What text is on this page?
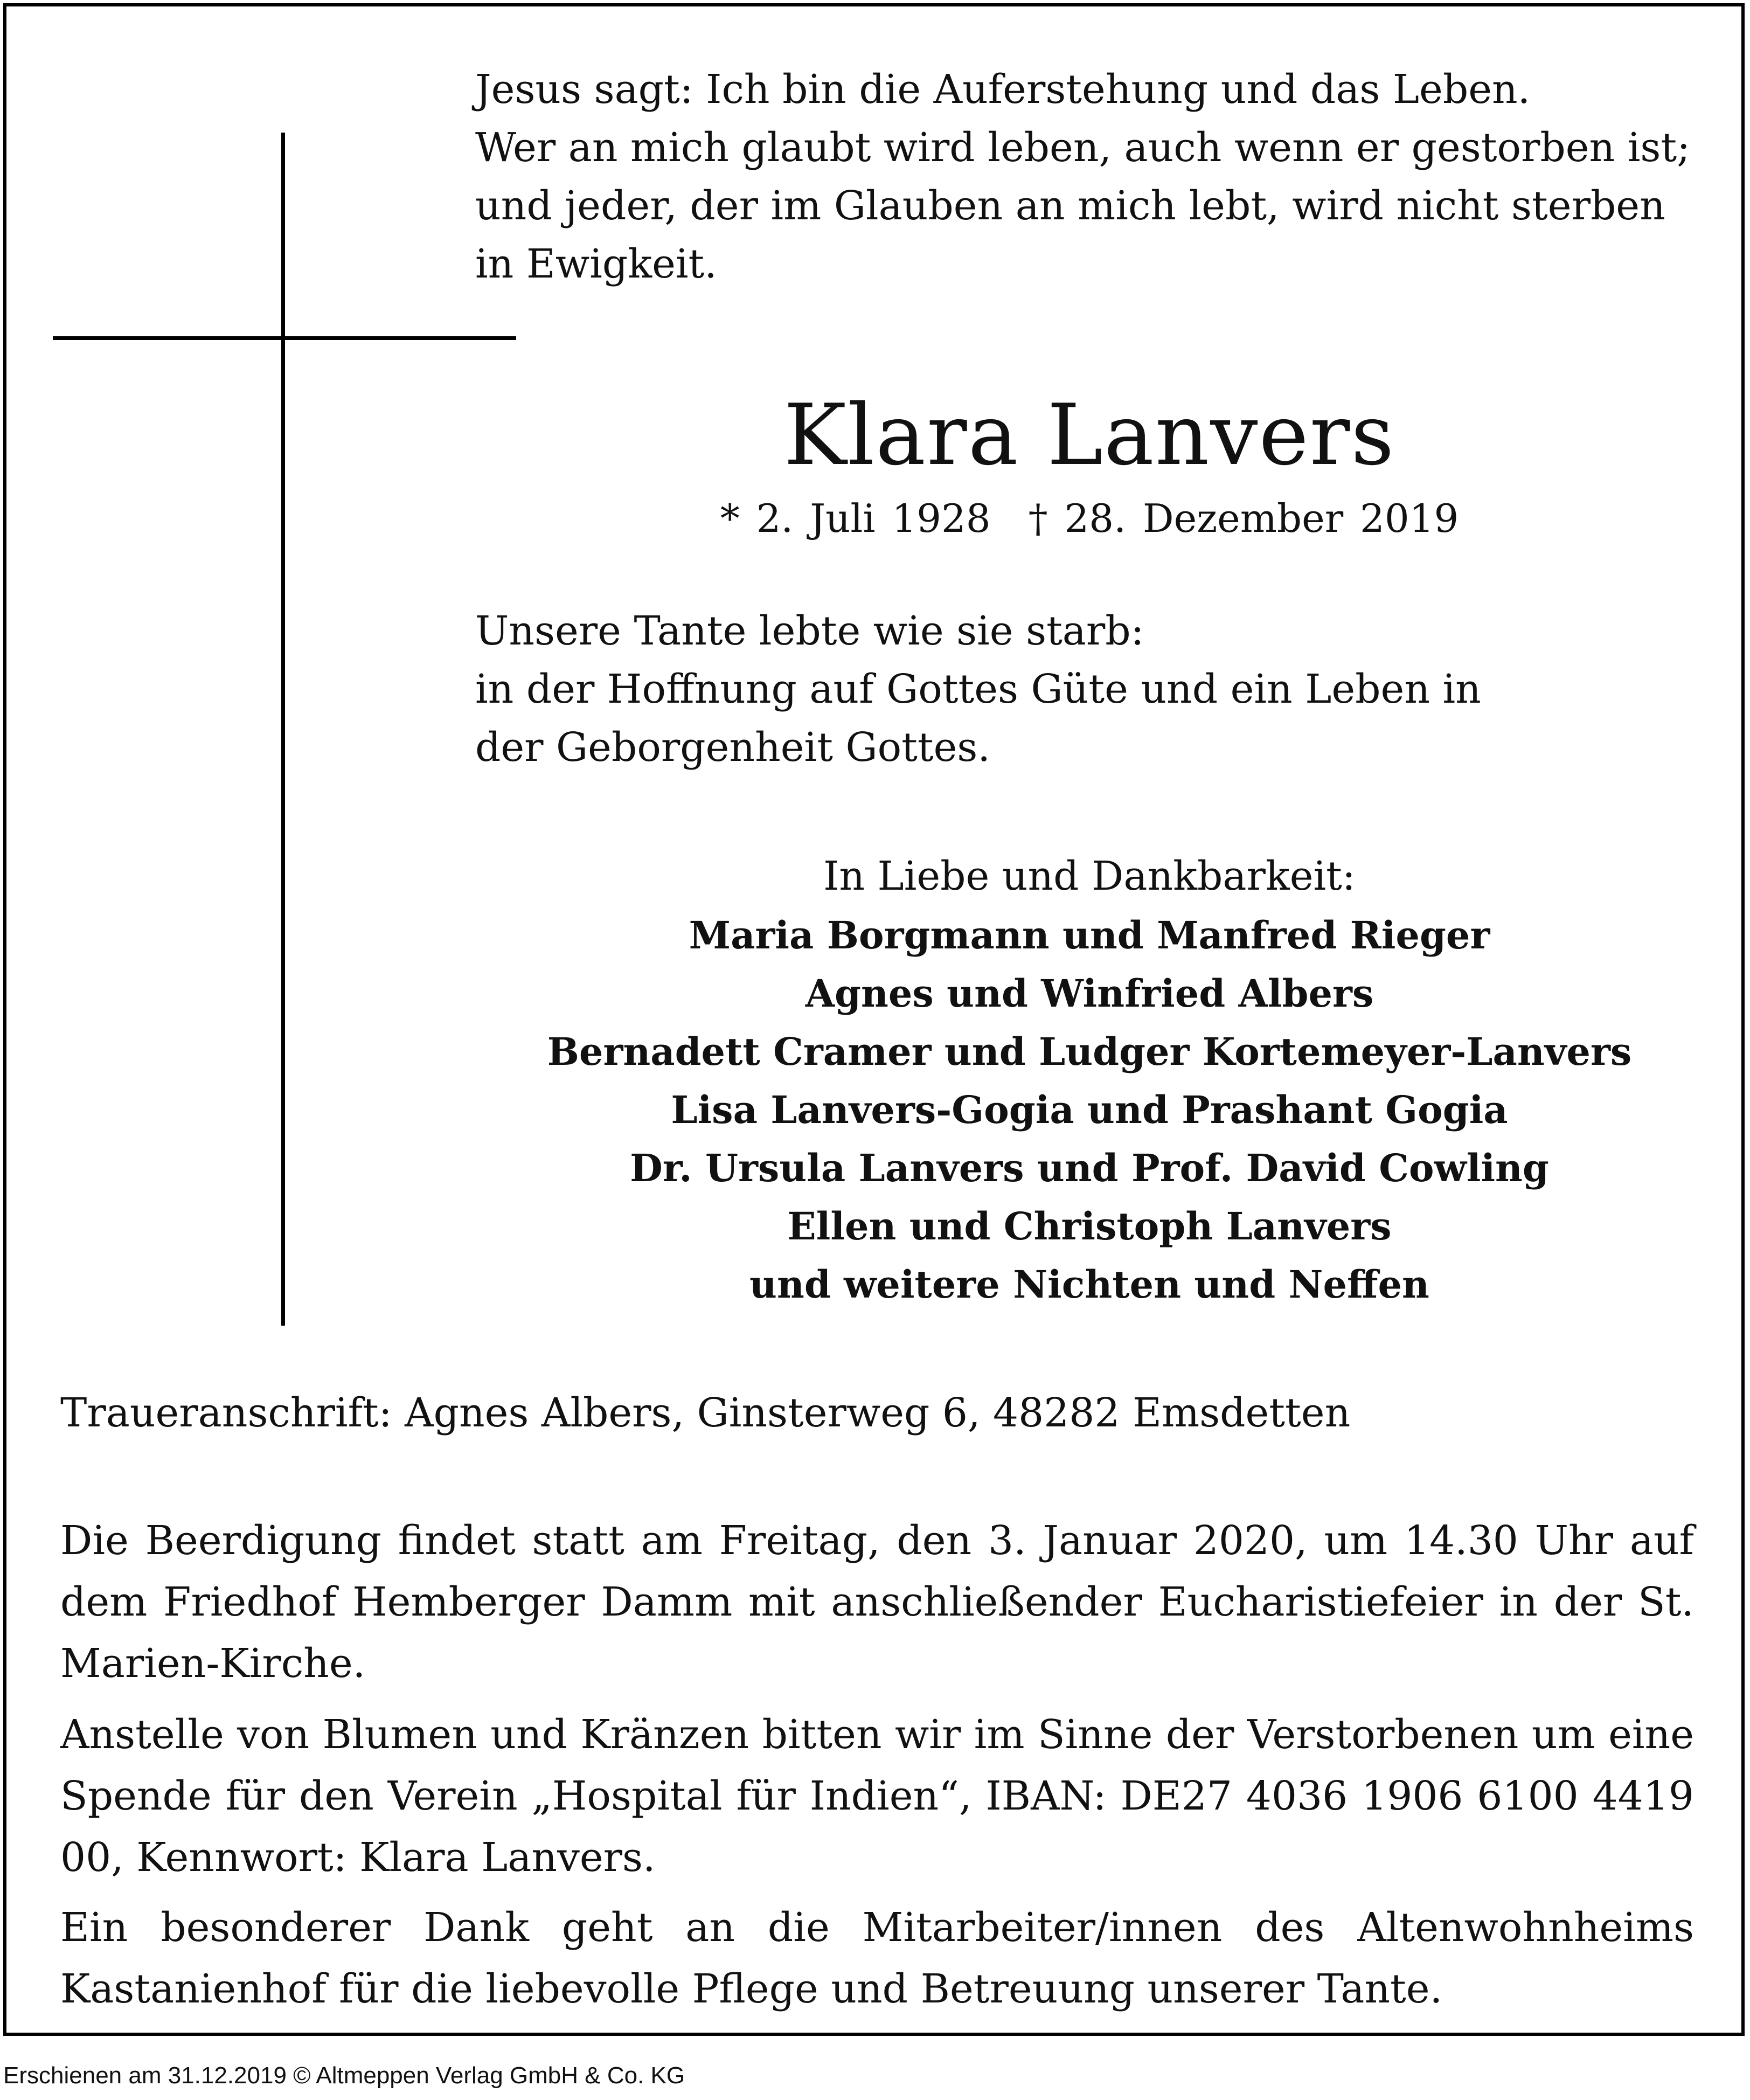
Jesus sagt: Ich bin die Auferstehung und das Leben.
Wer an mich glaubt wird leben, auch wenn er gestorben ist;
und jeder, der im Glauben an mich lebt, wird nicht sterben
in Ewigkeit.
Klara Lanvers
* 2. Juli 1928 † 28. Dezember 2019
Unsere Tante lebte wie sie starb:
in der Hoffnung auf Gottes Güte und ein Leben in
der Geborgenheit Gottes.
In Liebe und Dankbarkeit:
Maria Borgmann und Manfred Rieger
Agnes und Winfried Albers
Bernadett Cramer und Ludger Kortemeyer-Lanvers
Lisa Lanvers-Gogia und Prashant Gogia
Dr. Ursula Lanvers und Prof. David Cowling
Ellen und Christoph Lanvers
und weitere Nichten und Neffen
Traueranschrift: Agnes Albers, Ginsterweg 6, 48282 Emsdetten
Die Beerdigung findet statt am Freitag, den 3. Januar 2020, um 14.30 Uhr auf dem Friedhof Hemberger Damm mit anschließender Eucharistiefeier in der St. Marien-Kirche.
Anstelle von Blumen und Kränzen bitten wir im Sinne der Verstorbenen um eine Spende für den Verein „Hospital für Indien“, IBAN: DE27 4036 1906 6100 4419 00, Kennwort: Klara Lanvers.
Ein besonderer Dank geht an die Mitarbeiter/innen des Altenwohnheims Kastanienhof für die liebevolle Pflege und Betreuung unserer Tante.
Erschienen am 31.12.2019 © Altmeppen Verlag GmbH & Co. KG
